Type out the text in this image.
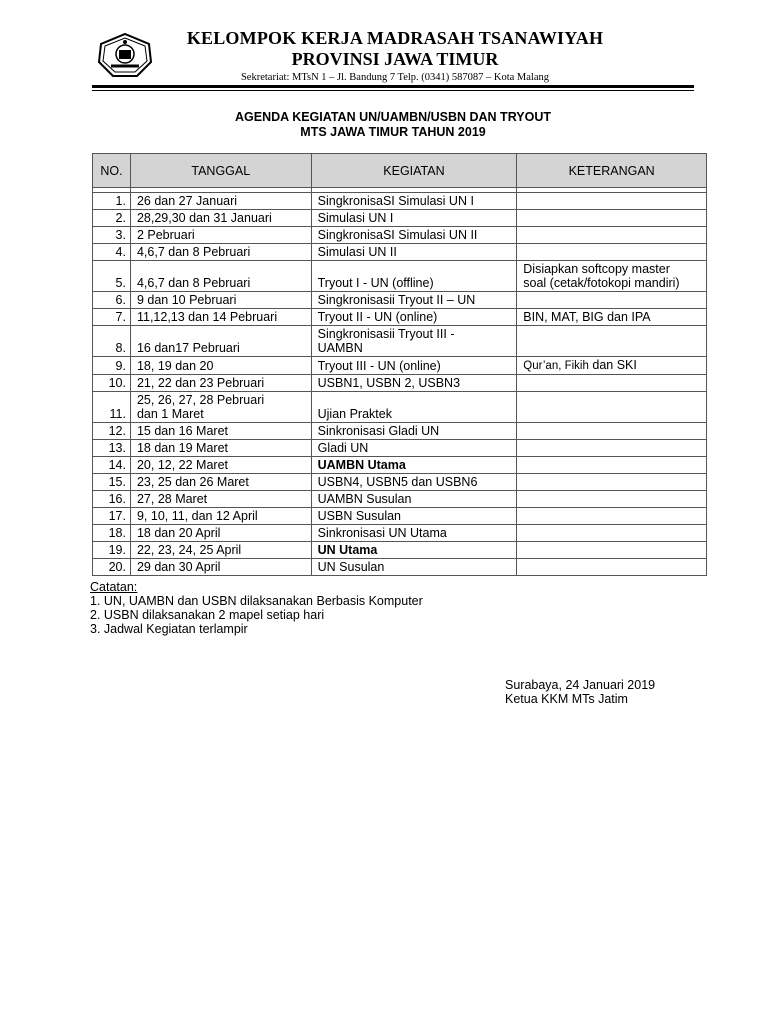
KELOMPOK KERJA MADRASAH TSANAWIYAH
PROVINSI JAWA TIMUR
Sekretariat: MTsN 1 – Jl. Bandung 7 Telp. (0341) 587087 – Kota Malang
AGENDA KEGIATAN UN/UAMBN/USBN DAN TRYOUT
MTS JAWA TIMUR TAHUN 2019
NO.	TANGGAL	KEGIATAN	KETERANGAN

1.	26 dan 27 Januari	SingkronisaSI Simulasi UN I	
2.	28,29,30 dan 31 Januari	Simulasi UN I	
3.	2 Pebruari	SingkronisaSI Simulasi UN II	
4.	4,6,7 dan 8 Pebruari	Simulasi UN II	
5.	4,6,7 dan 8 Pebruari	Tryout I - UN (offline)	Disiapkan softcopy master
soal (cetak/fotokopi mandiri)
6.	9 dan 10 Pebruari	Singkronisasii Tryout II – UN	
7.	11,12,13 dan 14 Pebruari	Tryout II - UN (online)	BIN, MAT, BIG dan IPA
8.	16 dan17 Pebruari	Singkronisasii Tryout III -
UAMBN	
9.	18, 19 dan 20	Tryout III - UN (online)	Qur’an, Fikih dan SKI
10.	21, 22 dan 23 Pebruari	USBN1, USBN 2, USBN3	
11.	25, 26, 27, 28 Pebruari
dan 1 Maret	Ujian Praktek	
12.	15 dan 16 Maret	Sinkronisasi Gladi UN	
13.	18 dan 19 Maret	Gladi UN	
14.	20, 12, 22 Maret	UAMBN Utama	
15.	23, 25 dan 26 Maret	USBN4, USBN5 dan USBN6	
16.	27, 28 Maret	UAMBN Susulan	
17.	9, 10, 11, dan 12 April	USBN Susulan	
18.	18 dan 20 April	Sinkronisasi UN Utama	
19.	22, 23, 24, 25 April	UN Utama	
20.	29 dan 30 April	UN Susulan	
Catatan:
1. UN, UAMBN dan USBN dilaksanakan Berbasis Komputer
2. USBN dilaksanakan 2 mapel setiap hari
3. Jadwal Kegiatan terlampir
Surabaya, 24 Januari 2019
Ketua KKM MTs Jatim
